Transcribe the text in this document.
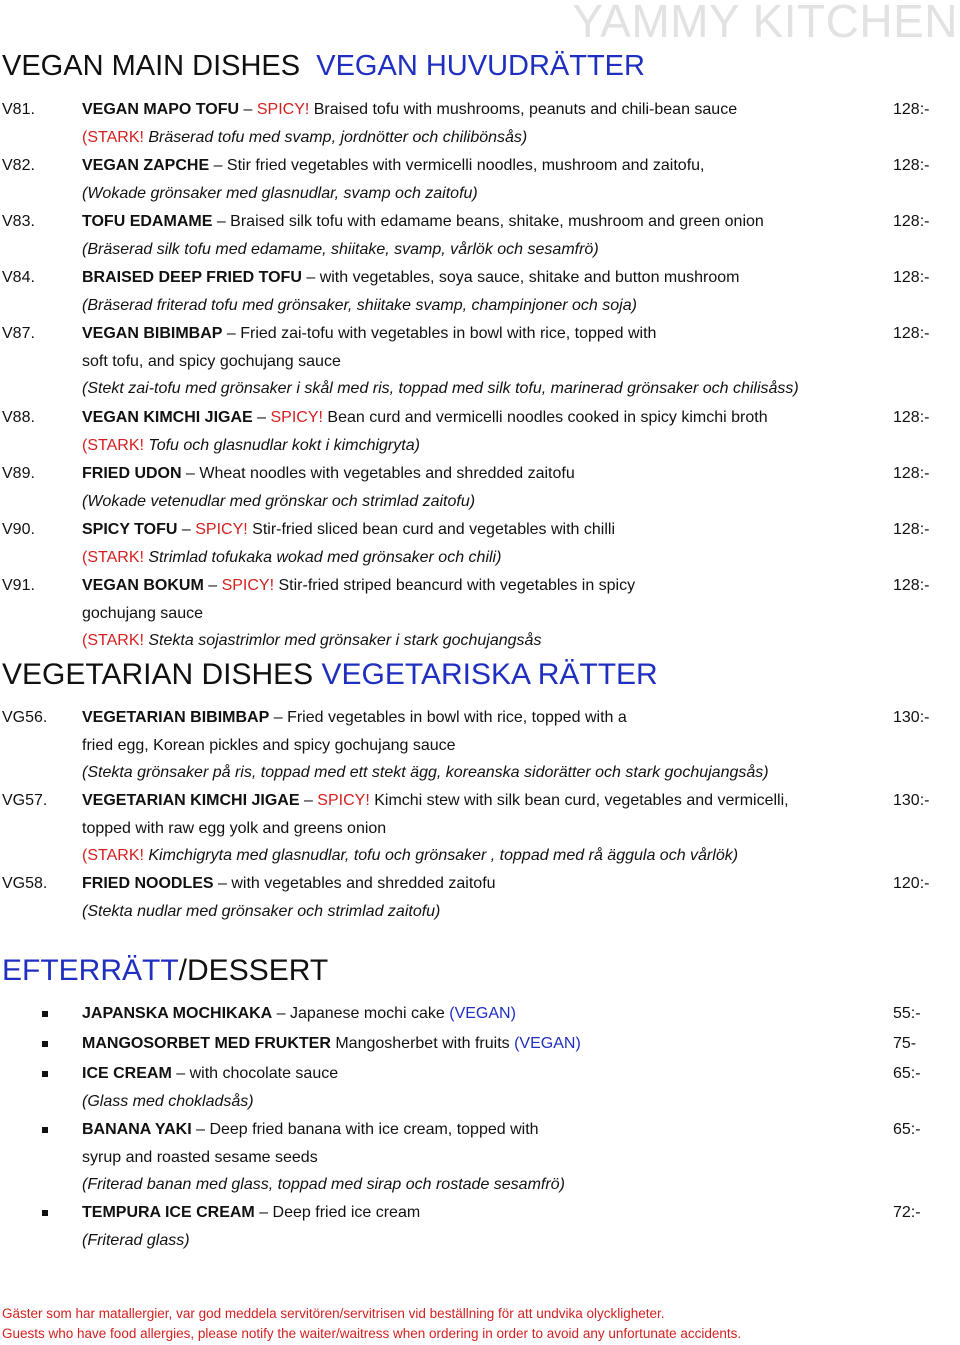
YAMMY KITCHEN
VEGAN MAIN DISHES VEGAN HUVUDRÄTTER
V81.	VEGAN MAPO TOFU – SPICY! Braised tofu with mushrooms, peanuts and chili-bean sauce
(STARK! Bräserad tofu med svamp, jordnötter och chilibönsås)
128:-
V82.	VEGAN ZAPCHE – Stir fried vegetables with vermicelli noodles, mushroom and zaitofu,
(Wokade grönsaker med glasnudlar, svamp och zaitofu)
128:-
V83.	TOFU EDAMAME – Braised silk tofu with edamame beans, shitake, mushroom and green onion
(Bräserad silk tofu med edamame, shiitake, svamp, vårlök och sesamfrö)
128:-
V84.	BRAISED DEEP FRIED TOFU – with vegetables, soya sauce, shitake and button mushroom
(Bräserad friterad tofu med grönsaker, shiitake svamp, champinjoner och soja)
128:-
V87.	VEGAN BIBIMBAP – Fried zai-tofu with vegetables in bowl with rice, topped with
soft tofu, and spicy gochujang sauce
(Stekt zai-tofu med grönsaker i skål med ris, toppad med silk tofu, marinerad grönsaker och chilisåss)
128:-
V88.	VEGAN KIMCHI JIGAE – SPICY! Bean curd and vermicelli noodles cooked in spicy kimchi broth
(STARK! Tofu och glasnudlar kokt i kimchigryta)
128:-
V89.	FRIED UDON – Wheat noodles with vegetables and shredded zaitofu
(Wokade vetenudlar med grönskar och strimlad zaitofu)
128:-
V90.	SPICY TOFU – SPICY! Stir-fried sliced bean curd and vegetables with chilli
(STARK! Strimlad tofukaka wokad med grönsaker och chili)
128:-
V91.	VEGAN BOKUM – SPICY! Stir-fried striped beancurd with vegetables in spicy
gochujang sauce
(STARK! Stekta sojastrimlor med grönsaker i stark gochujangsås
128:-
VEGETARIAN DISHES VEGETARISKA RÄTTER
VG56. VEGETARIAN BIBIMBAP – Fried vegetables in bowl with rice, topped with a
fried egg, Korean pickles and spicy gochujang sauce
(Stekta grönsaker på ris, toppad med ett stekt ägg, koreanska sidorätter och stark gochujangsås)
130:-
VG57. VEGETARIAN KIMCHI JIGAE – SPICY! Kimchi stew with silk bean curd, vegetables and vermicelli,
topped with raw egg yolk and greens onion
(STARK! Kimchigryta med glasnudlar, tofu och grönsaker , toppad med rå äggula och vårlök)
130:-
VG58. FRIED NOODLES – with vegetables and shredded zaitofu
(Stekta nudlar med grönsaker och strimlad zaitofu)
120:-
EFTERRÄTT/DESSERT
JAPANSKA MOCHIKAKA – Japanese mochi cake (VEGAN)	55:-
MANGOSORBET MED FRUKTER Mangosherbet with fruits (VEGAN)	75-
ICE CREAM – with chocolate sauce
(Glass med chokladsås)
65:-
BANANA YAKI – Deep fried banana with ice cream, topped with
syrup and roasted sesame seeds
(Friterad banan med glass, toppad med sirap och rostade sesamfrö)
65:-
TEMPURA ICE CREAM – Deep fried ice cream
(Friterad glass)
72:-
Gäster som har matallergier, var god meddela servitören/servitrisen vid beställning för att undvika olyckligheter.
Guests who have food allergies, please notify the waiter/waitress when ordering in order to avoid any unfortunate accidents.
